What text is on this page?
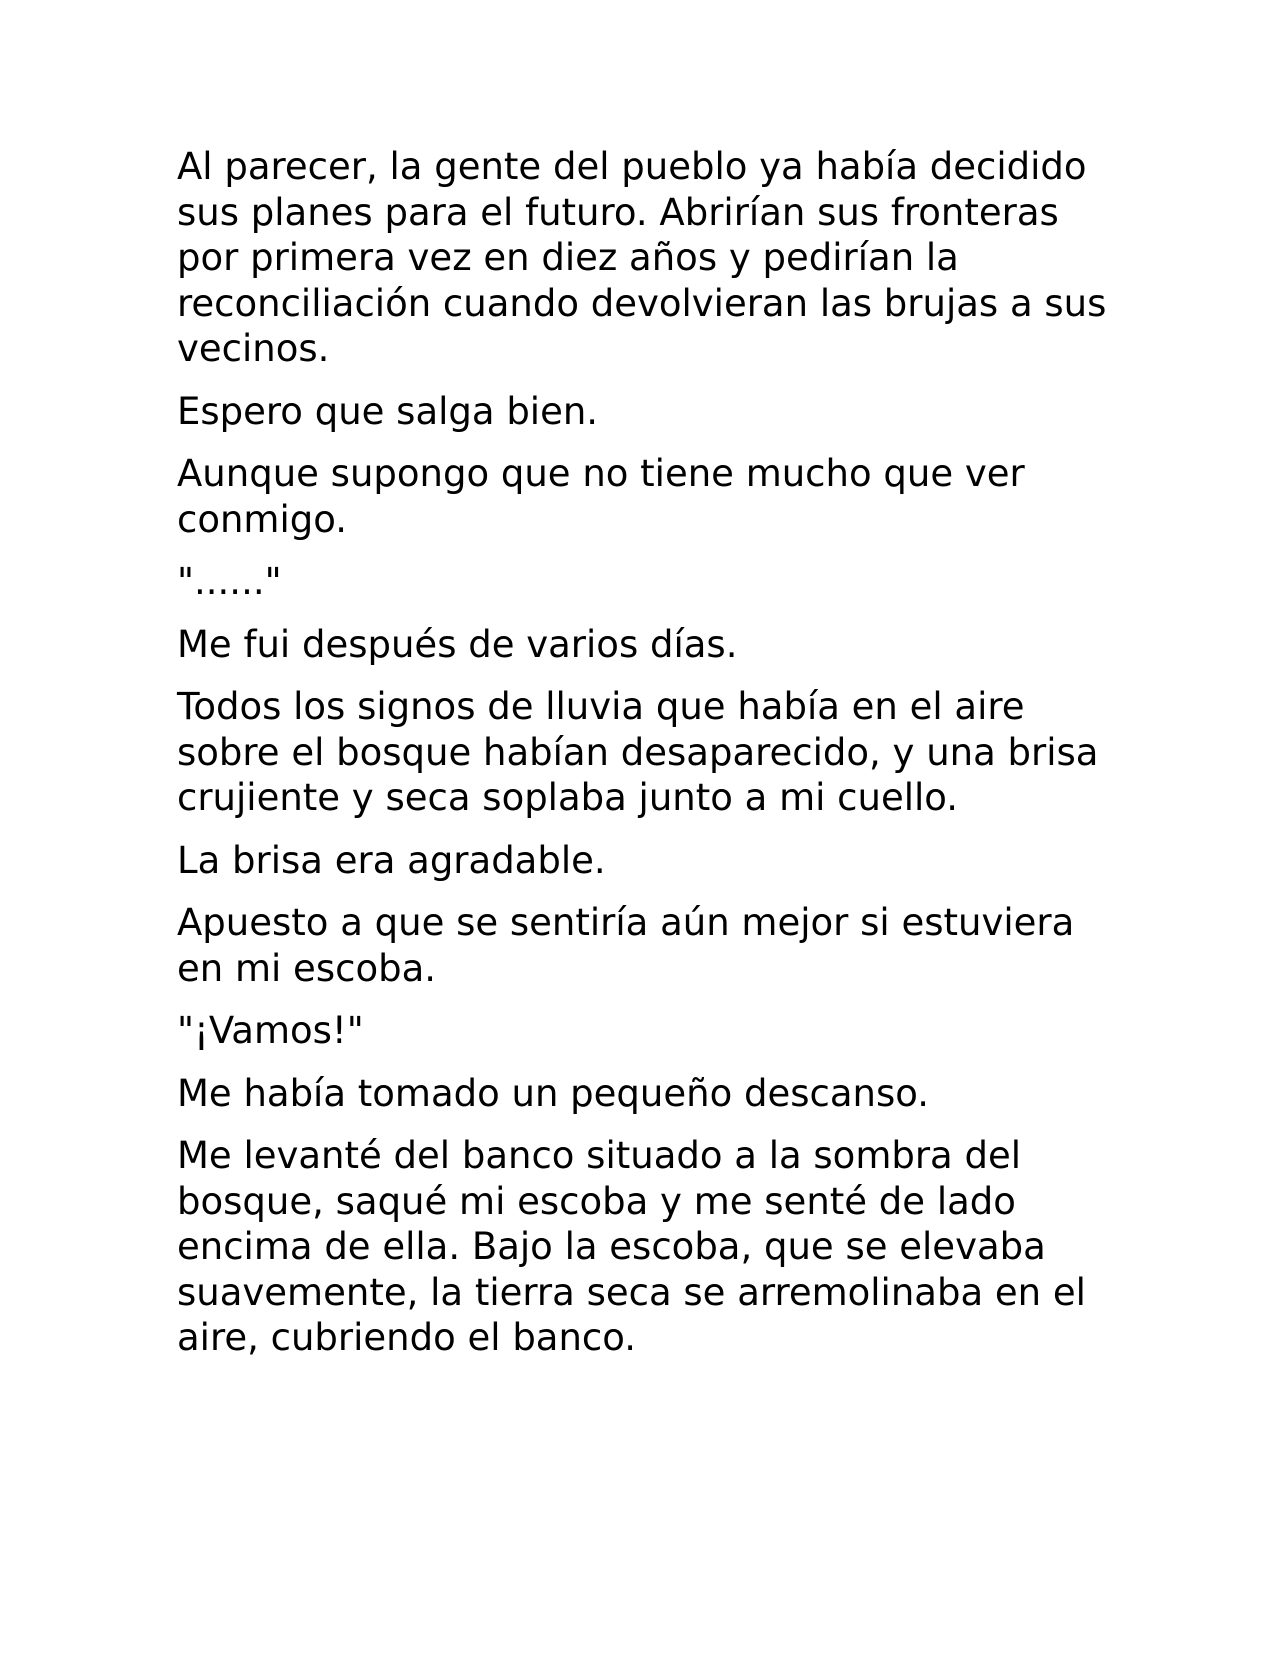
Al parecer, la gente del pueblo ya había decidido sus planes para el futuro. Abrirían sus fronteras por primera vez en diez años y pedirían la reconciliación cuando devolvieran las brujas a sus vecinos.

Espero que salga bien.

Aunque supongo que no tiene mucho que ver conmigo.

"......"

Me fui después de varios días.

Todos los signos de lluvia que había en el aire sobre el bosque habían desaparecido, y una brisa crujiente y seca soplaba junto a mi cuello.

La brisa era agradable.

Apuesto a que se sentiría aún mejor si estuviera en mi escoba.

"¡Vamos!"

Me había tomado un pequeño descanso.

Me levanté del banco situado a la sombra del bosque, saqué mi escoba y me senté de lado encima de ella. Bajo la escoba, que se elevaba suavemente, la tierra seca se arremolinaba en el aire, cubriendo el banco.
